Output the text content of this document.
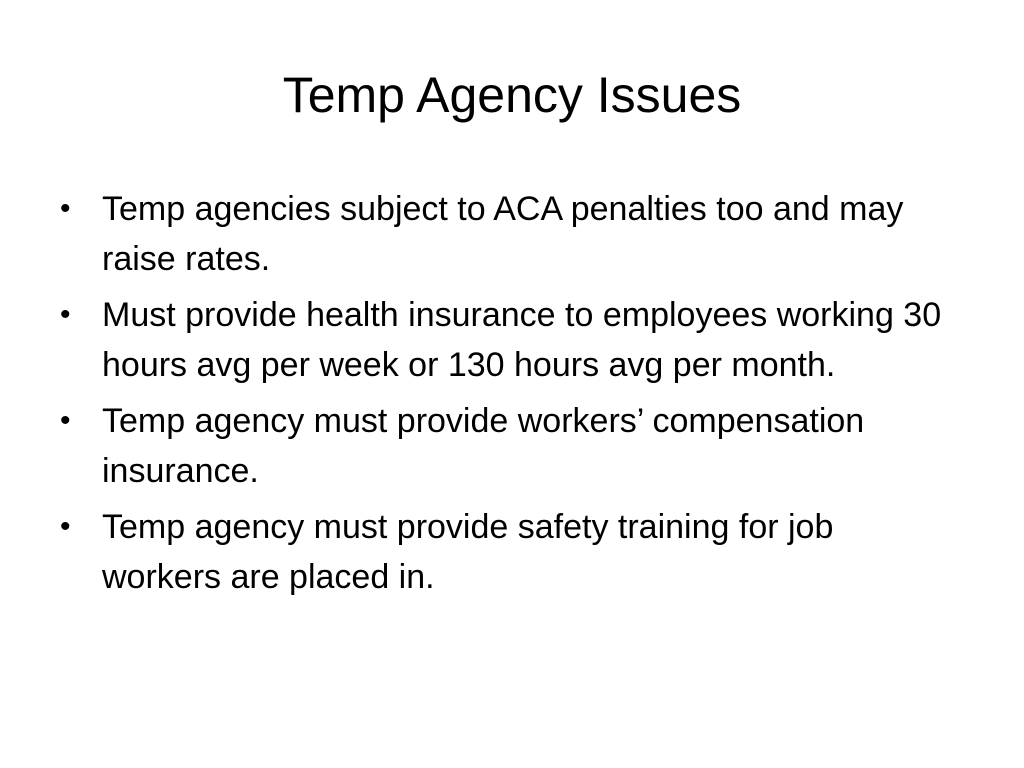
Temp Agency Issues
• Temp agencies subject to ACA penalties too and may raise rates.
• Must provide health insurance to employees working 30 hours avg per week or 130 hours avg per month.
• Temp agency must provide workers’ compensation insurance.
• Temp agency must provide safety training for job workers are placed in.
